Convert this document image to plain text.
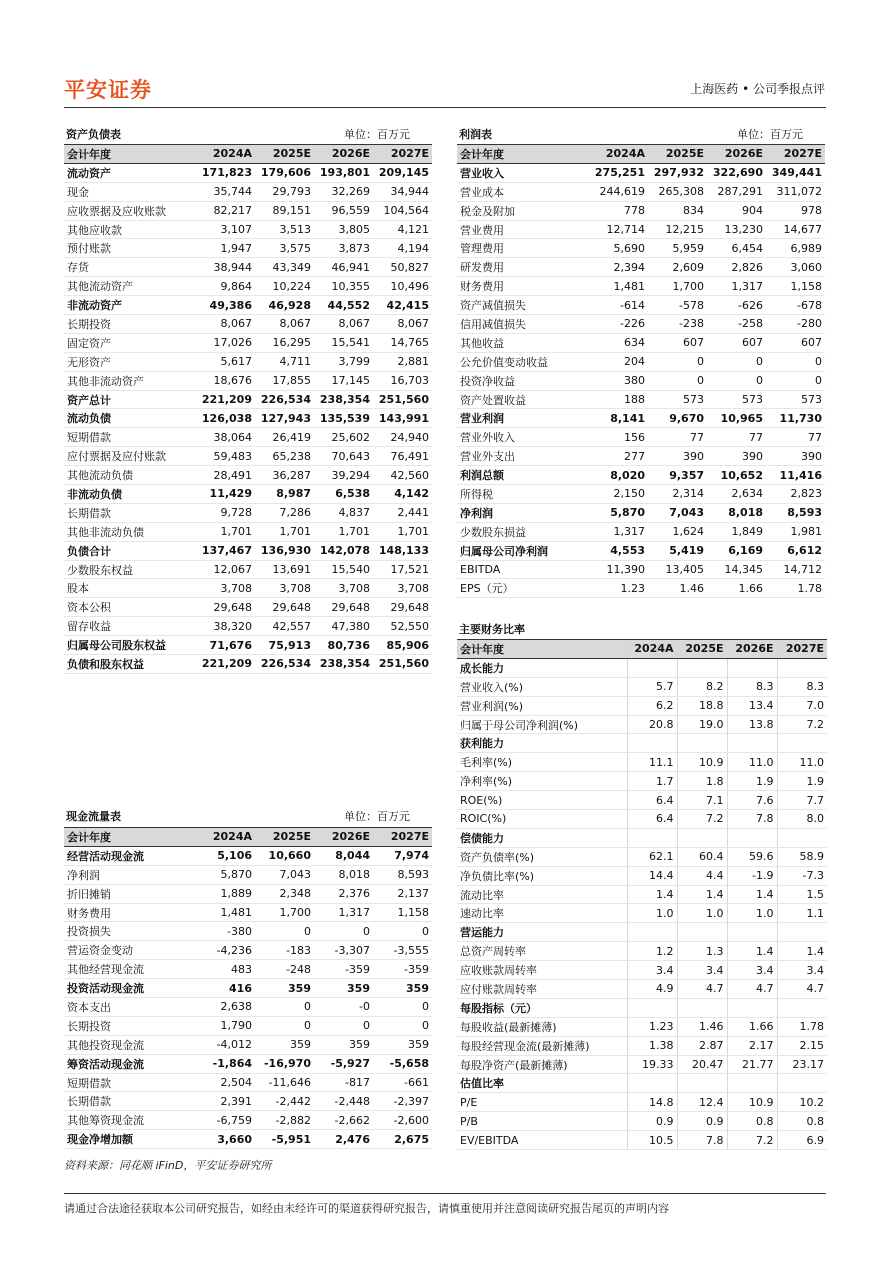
平安证券	上海医药 • 公司季报点评
资产负债表	单位：百万元
会计年度	2024A	2025E	2026E	2027E
流动资产	171,823	179,606	193,801	209,145
现金	35,744	29,793	32,269	34,944
应收票据及应收账款	82,217	89,151	96,559	104,564
其他应收款	3,107	3,513	3,805	4,121
预付账款	1,947	3,575	3,873	4,194
存货	38,944	43,349	46,941	50,827
其他流动资产	9,864	10,224	10,355	10,496
非流动资产	49,386	46,928	44,552	42,415
长期投资	8,067	8,067	8,067	8,067
固定资产	17,026	16,295	15,541	14,765
无形资产	5,617	4,711	3,799	2,881
其他非流动资产	18,676	17,855	17,145	16,703
资产总计	221,209	226,534	238,354	251,560
流动负债	126,038	127,943	135,539	143,991
短期借款	38,064	26,419	25,602	24,940
应付票据及应付账款	59,483	65,238	70,643	76,491
其他流动负债	28,491	36,287	39,294	42,560
非流动负债	11,429	8,987	6,538	4,142
长期借款	9,728	7,286	4,837	2,441
其他非流动负债	1,701	1,701	1,701	1,701
负债合计	137,467	136,930	142,078	148,133
少数股东权益	12,067	13,691	15,540	17,521
股本	3,708	3,708	3,708	3,708
资本公积	29,648	29,648	29,648	29,648
留存收益	38,320	42,557	47,380	52,550
归属母公司股东权益	71,676	75,913	80,736	85,906
负债和股东权益	221,209	226,534	238,354	251,560
利润表	单位：百万元
会计年度	2024A	2025E	2026E	2027E
营业收入	275,251	297,932	322,690	349,441
营业成本	244,619	265,308	287,291	311,072
税金及附加	778	834	904	978
营业费用	12,714	12,215	13,230	14,677
管理费用	5,690	5,959	6,454	6,989
研发费用	2,394	2,609	2,826	3,060
财务费用	1,481	1,700	1,317	1,158
资产减值损失	-614	-578	-626	-678
信用减值损失	-226	-238	-258	-280
其他收益	634	607	607	607
公允价值变动收益	204	0	0	0
投资净收益	380	0	0	0
资产处置收益	188	573	573	573
营业利润	8,141	9,670	10,965	11,730
营业外收入	156	77	77	77
营业外支出	277	390	390	390
利润总额	8,020	9,357	10,652	11,416
所得税	2,150	2,314	2,634	2,823
净利润	5,870	7,043	8,018	8,593
少数股东损益	1,317	1,624	1,849	1,981
归属母公司净利润	4,553	5,419	6,169	6,612
EBITDA	11,390	13,405	14,345	14,712
EPS（元）	1.23	1.46	1.66	1.78
主要财务比率
会计年度	2024A	2025E	2026E	2027E
成长能力				
营业收入(%)	5.7	8.2	8.3	8.3
营业利润(%)	6.2	18.8	13.4	7.0
归属于母公司净利润(%)	20.8	19.0	13.8	7.2
获利能力				
毛利率(%)	11.1	10.9	11.0	11.0
净利率(%)	1.7	1.8	1.9	1.9
ROE(%)	6.4	7.1	7.6	7.7
ROIC(%)	6.4	7.2	7.8	8.0
偿债能力				
资产负债率(%)	62.1	60.4	59.6	58.9
净负债比率(%)	14.4	4.4	-1.9	-7.3
流动比率	1.4	1.4	1.4	1.5
速动比率	1.0	1.0	1.0	1.1
营运能力				
总资产周转率	1.2	1.3	1.4	1.4
应收账款周转率	3.4	3.4	3.4	3.4
应付账款周转率	4.9	4.7	4.7	4.7
每股指标（元）				
每股收益(最新摊薄)	1.23	1.46	1.66	1.78
每股经营现金流(最新摊薄)	1.38	2.87	2.17	2.15
每股净资产(最新摊薄)	19.33	20.47	21.77	23.17
估值比率				
P/E	14.8	12.4	10.9	10.2
P/B	0.9	0.9	0.8	0.8
EV/EBITDA	10.5	7.8	7.2	6.9
现金流量表	单位：百万元
会计年度	2024A	2025E	2026E	2027E
经营活动现金流	5,106	10,660	8,044	7,974
净利润	5,870	7,043	8,018	8,593
折旧摊销	1,889	2,348	2,376	2,137
财务费用	1,481	1,700	1,317	1,158
投资损失	-380	0	0	0
营运资金变动	-4,236	-183	-3,307	-3,555
其他经营现金流	483	-248	-359	-359
投资活动现金流	416	359	359	359
资本支出	2,638	0	-0	0
长期投资	1,790	0	0	0
其他投资现金流	-4,012	359	359	359
筹资活动现金流	-1,864	-16,970	-5,927	-5,658
短期借款	2,504	-11,646	-817	-661
长期借款	2,391	-2,442	-2,448	-2,397
其他筹资现金流	-6,759	-2,882	-2,662	-2,600
现金净增加额	3,660	-5,951	2,476	2,675
资料来源：同花顺 iFinD，平安证券研究所
请通过合法途径获取本公司研究报告，如经由未经许可的渠道获得研究报告，请慎重使用并注意阅读研究报告尾页的声明内容
